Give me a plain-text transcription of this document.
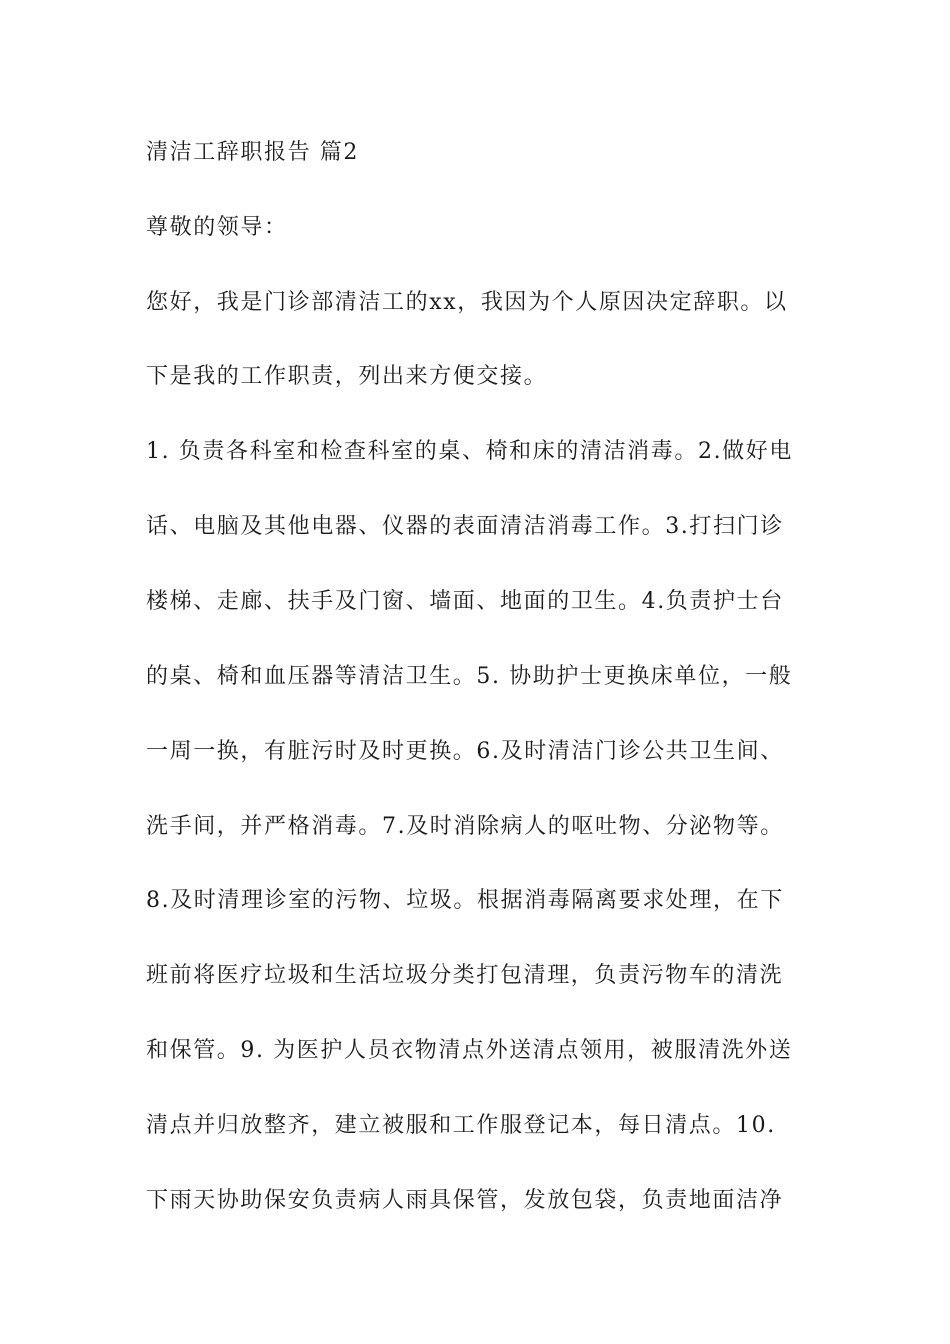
清洁工辞职报告 篇2
尊敬的领导：
您好，我是门诊部清洁工的xx，我因为个人原因决定辞职。以
下是我的工作职责，列出来方便交接。
1. 负责各科室和检查科室的桌、椅和床的清洁消毒。2.做好电
话、电脑及其他电器、仪器的表面清洁消毒工作。3.打扫门诊
楼梯、走廊、扶手及门窗、墙面、地面的卫生。4.负责护士台
的桌、椅和血压器等清洁卫生。5. 协助护士更换床单位，一般
一周一换，有脏污时及时更换。6.及时清洁门诊公共卫生间、
洗手间，并严格消毒。7.及时消除病人的呕吐物、分泌物等。
8.及时清理诊室的污物、垃圾。根据消毒隔离要求处理，在下
班前将医疗垃圾和生活垃圾分类打包清理，负责污物车的清洗
和保管。9. 为医护人员衣物清点外送清点领用，被服清洗外送
清点并归放整齐，建立被服和工作服登记本，每日清点。10.
下雨天协助保安负责病人雨具保管，发放包袋，负责地面洁净
